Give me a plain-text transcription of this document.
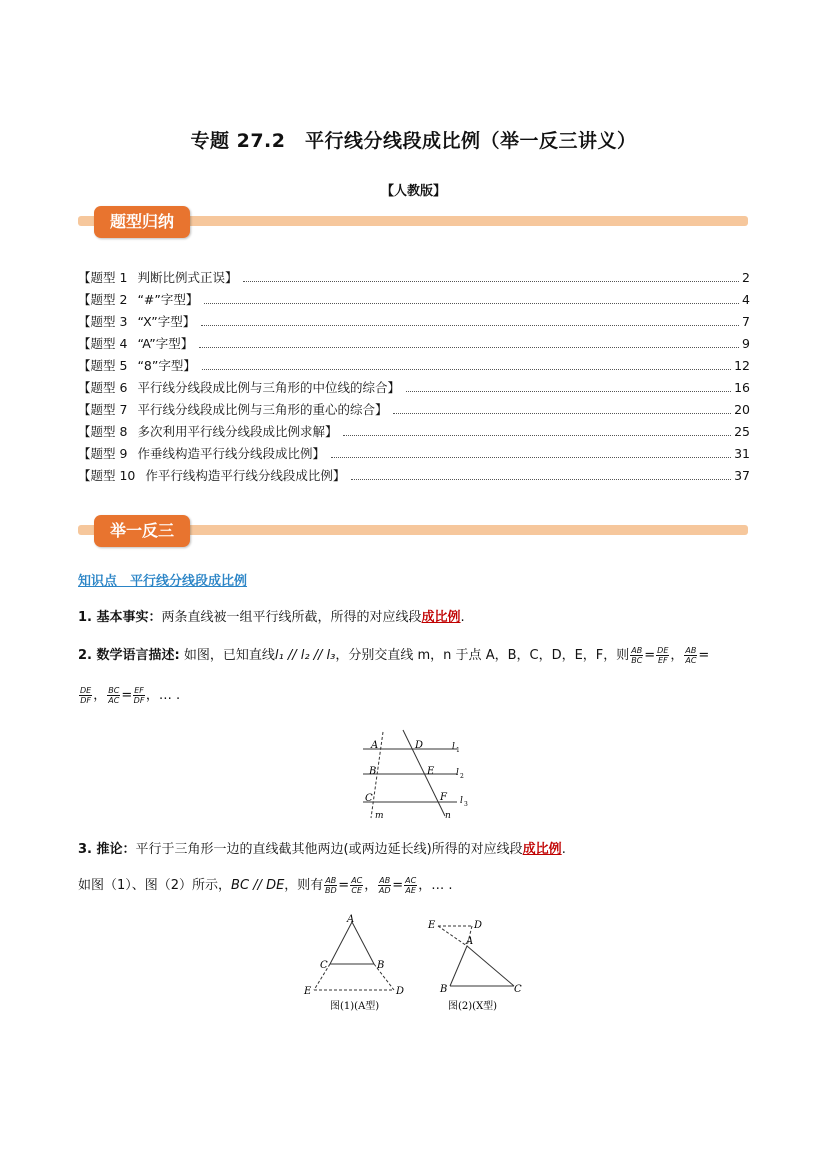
专题 27.2　平行线分线段成比例（举一反三讲义）
【人教版】
题型归纳
【题型 1 判断比例式正误】	2
【题型 2 “#”字型】	4
【题型 3 “X”字型】	7
【题型 4 “A”字型】	9
【题型 5 “8”字型】	12
【题型 6 平行线分线段成比例与三角形的中位线的综合】	16
【题型 7 平行线分线段成比例与三角形的重心的综合】	20
【题型 8 多次利用平行线分线段成比例求解】	25
【题型 9 作垂线构造平行线分线段成比例】	31
【题型 10 作平行线构造平行线分线段成比例】	37
举一反三
知识点　平行线分线段成比例
1. 基本事实：两条直线被一组平行线所截，所得的对应线段成比例.
2. 数学语言描述: 如图，已知直线l₁ // l₂ // l₃，分别交直线 m，n 于点 A，B，C，D，E，F，则 $\frac{AB}{BC} = \frac{DE}{EF}$ ， $\frac{AB}{AC}$ =
$\frac{DE}{DF}$ ， $\frac{BC}{AC} = \frac{EF}{DF}$ ，… .
A	D	l 1
B	E l 2
C	F l 3
m	n
3. 推论：平行于三角形一边的直线截其他两边(或两边延长线)所得的对应线段成比例.
如图（1）、图（2）所示，BC // DE，则有 $\frac{AB}{BD} = \frac{AC}{CE}$ ， $\frac{AB}{AD} = \frac{AC}{AE}$ ，… .
A
C	B
E	D
图(1)(A型)
E	D
A
B	C
图(2)(X型)
